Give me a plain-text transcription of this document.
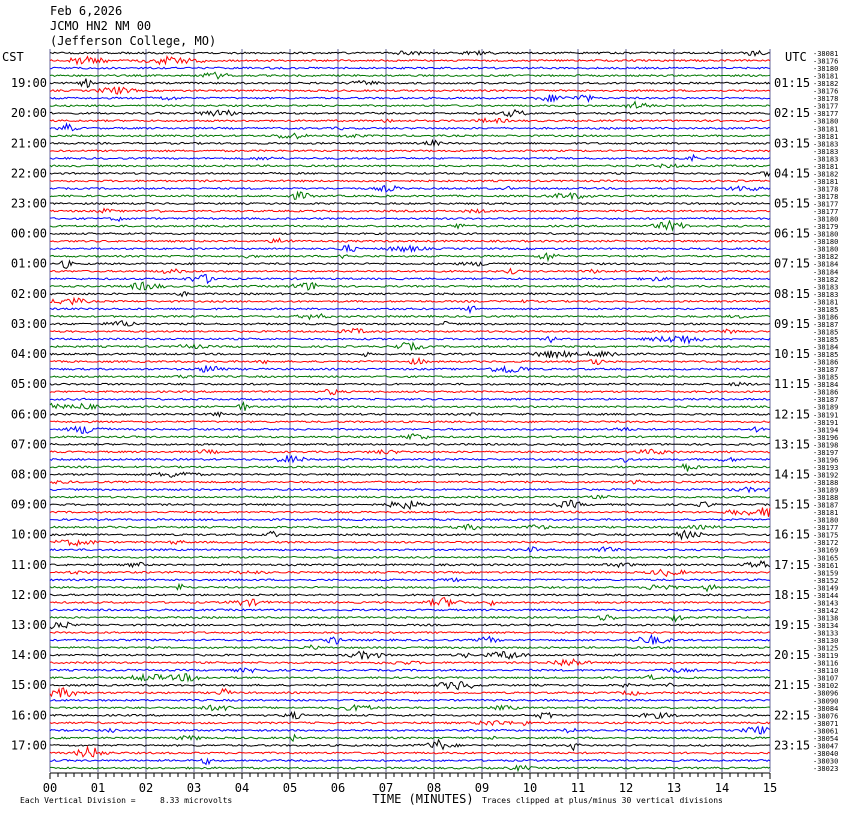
Feb 6,2026
JCMO HN2 NM 00
(Jefferson College, MO)
CST	UTC
19:00
20:00
21:00
22:00
23:00
00:00
01:00
02:00
03:00
04:00
05:00
06:00
07:00
08:00
09:00
10:00
11:00
12:00
13:00
14:00
15:00
16:00
17:00
01:15
02:15
03:15
04:15
05:15
06:15
07:15
08:15
09:15
10:15
11:15
12:15
13:15
14:15
15:15
16:15
17:15
18:15
19:15
20:15
21:15
22:15
23:15
-38081
-38176
-38180
-38181
-38182
-38176
-38178
-38177
-38177
-38180
-38181
-38181
-38183
-38183
-38183
-38181
-38182
-38181
-38178
-38178
-38177
-38177
-38180
-38179
-38180
-38180
-38180
-38182
-38184
-38184
-38182
-38183
-38183
-38181
-38185
-38186
-38187
-38185
-38185
-38184
-38185
-38186
-38187
-38185
-38184
-38186
-38187
-38189
-38191
-38191
-38194
-38196
-38198
-38197
-38196
-38193
-38192
-38188
-38189
-38188
-38187
-38181
-38180
-38177
-38175
-38172
-38169
-38165
-38161
-38159
-38152
-38149
-38144
-38143
-38142
-38138
-38134
-38133
-38130
-38125
-38119
-38116
-38110
-38107
-38102
-38096
-38090
-38084
-38076
-38071
-38061
-38054
-38047
-38040
-38030
-38023
00	01	02	03	04	05	06	07	08	09	10	11	12	13	14	15
TIME (MINUTES)
Each Vertical Division =	8.33 microvolts	Traces clipped at plus/minus 30 vertical divisions
